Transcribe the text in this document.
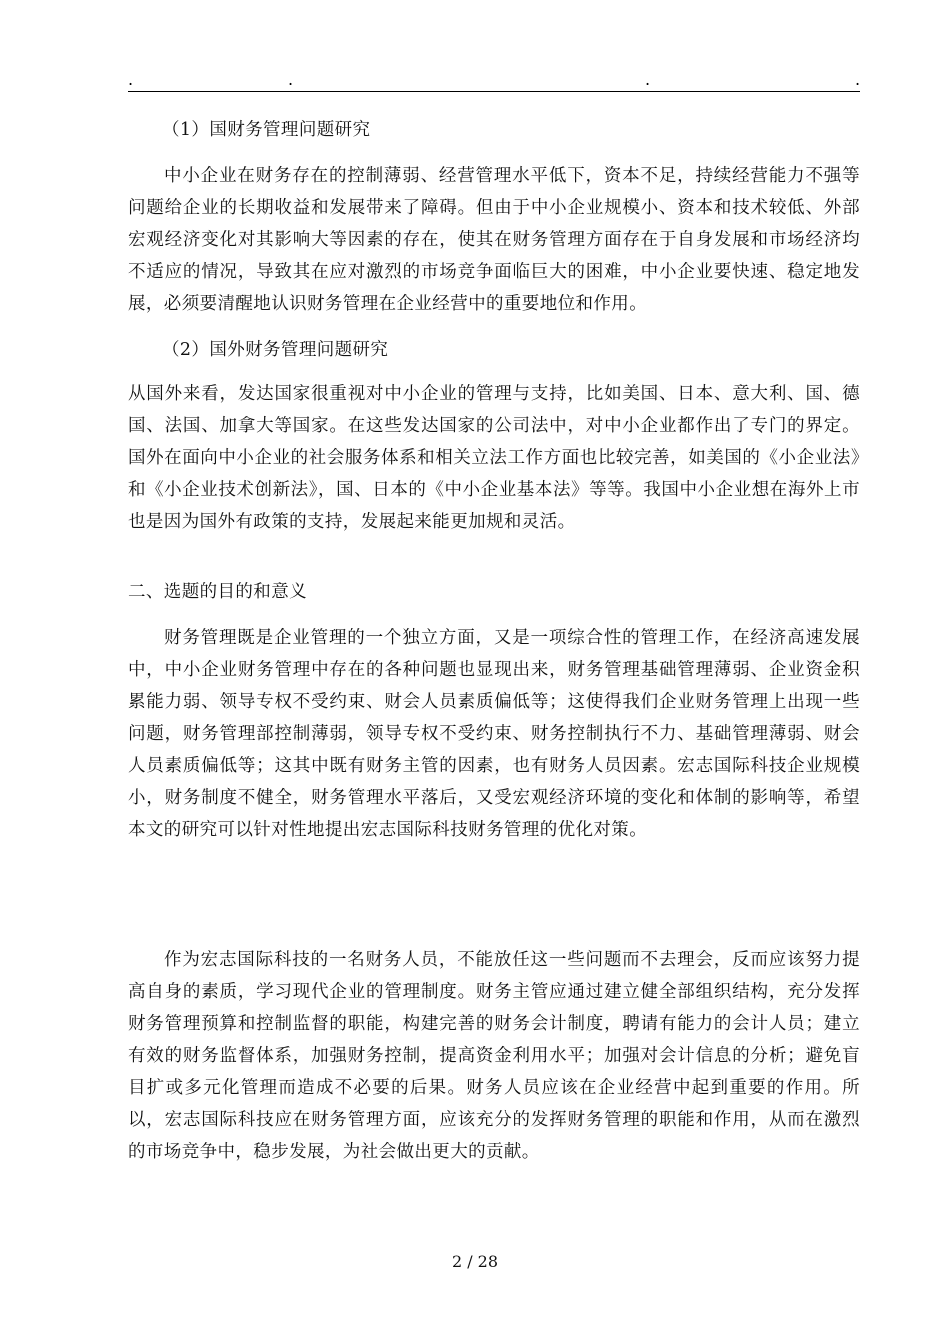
.	.	.	.

（1）国财务管理问题研究

中小企业在财务存在的控制薄弱、经营管理水平低下，资本不足，持续经营能力不强等问题给企业的长期收益和发展带来了障碍。但由于中小企业规模小、资本和技术较低、外部宏观经济变化对其影响大等因素的存在，使其在财务管理方面存在于自身发展和市场经济均不适应的情况，导致其在应对激烈的市场竞争面临巨大的困难，中小企业要快速、稳定地发展，必须要清醒地认识财务管理在企业经营中的重要地位和作用。

（2）国外财务管理问题研究

从国外来看，发达国家很重视对中小企业的管理与支持，比如美国、日本、意大利、国、德国、法国、加拿大等国家。在这些发达国家的公司法中，对中小企业都作出了专门的界定。国外在面向中小企业的社会服务体系和相关立法工作方面也比较完善，如美国的《小企业法》和《小企业技术创新法》，国、日本的《中小企业基本法》等等。我国中小企业想在海外上市也是因为国外有政策的支持，发展起来能更加规和灵活。

二、选题的目的和意义

财务管理既是企业管理的一个独立方面，又是一项综合性的管理工作，在经济高速发展中，中小企业财务管理中存在的各种问题也显现出来，财务管理基础管理薄弱、企业资金积累能力弱、领导专权不受约束、财会人员素质偏低等；这使得我们企业财务管理上出现一些问题，财务管理部控制薄弱，领导专权不受约束、财务控制执行不力、基础管理薄弱、财会人员素质偏低等；这其中既有财务主管的因素，也有财务人员因素。宏志国际科技企业规模小，财务制度不健全，财务管理水平落后，又受宏观经济环境的变化和体制的影响等，希望本文的研究可以针对性地提出宏志国际科技财务管理的优化对策。

作为宏志国际科技的一名财务人员，不能放任这一些问题而不去理会，反而应该努力提高自身的素质，学习现代企业的管理制度。财务主管应通过建立健全部组织结构，充分发挥财务管理预算和控制监督的职能，构建完善的财务会计制度，聘请有能力的会计人员；建立有效的财务监督体系，加强财务控制，提高资金利用水平；加强对会计信息的分析；避免盲目扩或多元化管理而造成不必要的后果。财务人员应该在企业经营中起到重要的作用。所以，宏志国际科技应在财务管理方面，应该充分的发挥财务管理的职能和作用，从而在激烈的市场竞争中，稳步发展，为社会做出更大的贡献。

2 / 28
